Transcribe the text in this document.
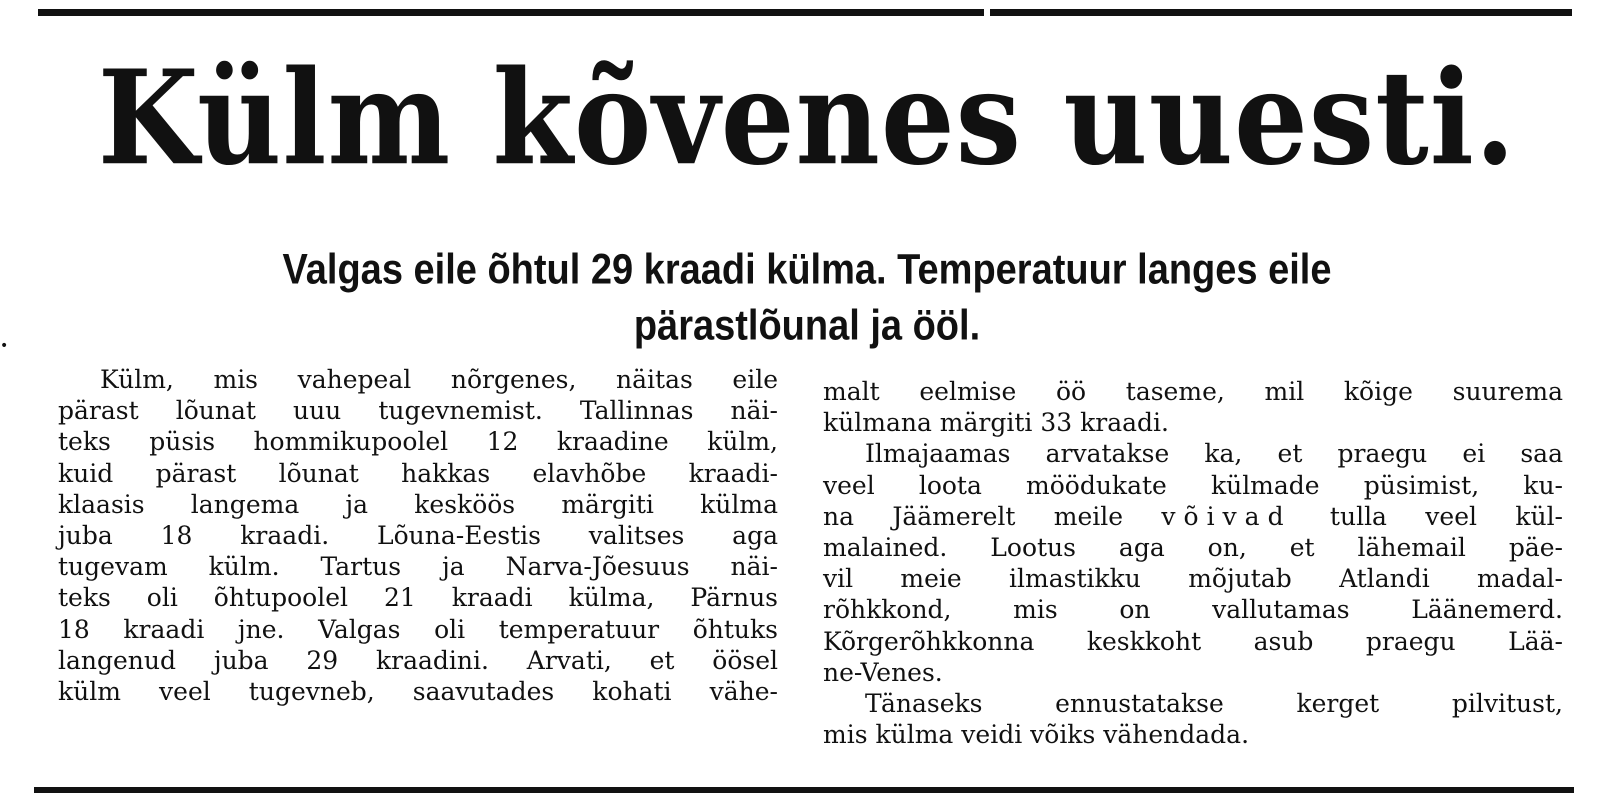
•
Külm kõvenes uuesti.
Valgas eile õhtul 29 kraadi külma. Temperatuur langes eile pärastlõunal ja ööl.
Külm, mis vahepeal nõrgenes, näitas eile
pärast lõunat uuu tugevnemist. Tallinnas näi-
teks püsis hommikupoolel 12 kraadine külm,
kuid pärast lõunat hakkas elavhõbe kraadi-
klaasis langema ja kesköös märgiti külma
juba 18 kraadi. Lõuna-Eestis valitses aga
tugevam külm. Tartus ja Narva-Jõesuus näi-
teks oli õhtupoolel 21 kraadi külma, Pärnus
18 kraadi jne. Valgas oli temperatuur õhtuks
langenud juba 29 kraadini. Arvati, et öösel
külm veel tugevneb, saavutades kohati vähe-
malt eelmise öö taseme, mil kõige suurema
külmana märgiti 33 kraadi.
Ilmajaamas arvatakse ka, et praegu ei saa
veel loota möödukate külmade püsimist, ku-
na Jäämerelt meile võivad tulla veel kül-
malained. Lootus aga on, et lähemail päe-
vil meie ilmastikku mõjutab Atlandi madal-
rõhkkond, mis on vallutamas Läänemerd.
Kõrgerõhkkonna keskkoht asub praegu Lää-
ne-Venes.
Tänaseks ennustatakse kerget pilvitust,
mis külma veidi võiks vähendada.
